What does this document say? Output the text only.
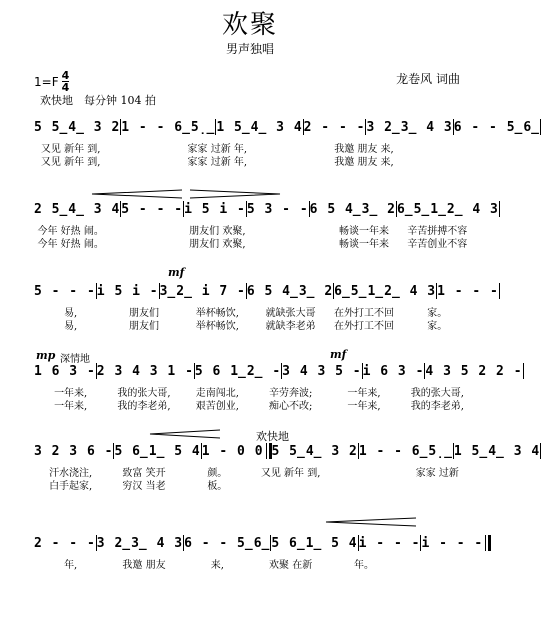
欢聚
男声独唱
$1=F \frac{4}{4}$	龙卷风 词曲
欢快地　每分钟 104 拍
mf
mf
mp 深情地
欢快地
5 5̲4̲ 3 2 1 - - 6̲5̣̲ 1 5̲4̲ 3 4 2 - - - 3 2̲3̲ 4 3 6 - - 5̲6̲
又见 新年 到,	家家 过新 年,	我邀 朋友 来,
又见 新年 到,	家家 过新 年,	我邀 朋友 来,
2 5̲4̲ 3 4 5 - - - i 5 i - 5 3 - - 6 5 4̲3̲ 2 6̲5̲1̲2̲ 4 3
今年 好热 闹。	朋友们 欢聚,	畅谈一年来	辛苦拼搏不容
今年 好热 闹。	朋友们 欢聚,	畅谈一年来	辛苦创业不容
5 - - - i 5 i - 3̲2̲ i 7 - 6 5 4̲3̲ 2 6̲5̲1̲2̲ 4 3 1 - - -
易,	朋友们	举杯畅饮,	就缺张大哥	在外打工不回	家。
易,	朋友们	举杯畅饮,	就缺李老弟	在外打工不回	家。
1 6 3 - 2 3 4 3 1 - 5 6 1̲2̲ - 3 4 3 5 - i 6 3 - 4 3 5 2 2 -
一年来,	我的张大哥,	走南闯北,	辛劳奔波;	一年来,	我的张大哥,
一年来,	我的李老弟,	艰苦创业,	痴心不改;	一年来,	我的李老弟,
3 2 3 6 - 5 6̲1̲ 5 4 1 - 0 0 5 5̲4̲ 3 2 1 - - 6̲5̣̲ 1 5̲4̲ 3 4
汗水浇注,	致富 笑开	颜。	又见 新年 到,	家家 过新
白手起家,	穷汉 当老	板。
2 - - - 3 2̲3̲ 4 3 6 - - 5̲6̲ 5 6̲1̲ 5 4 i - - - i - - -
年,	我邀 朋友	来,	欢聚 在新	年。
